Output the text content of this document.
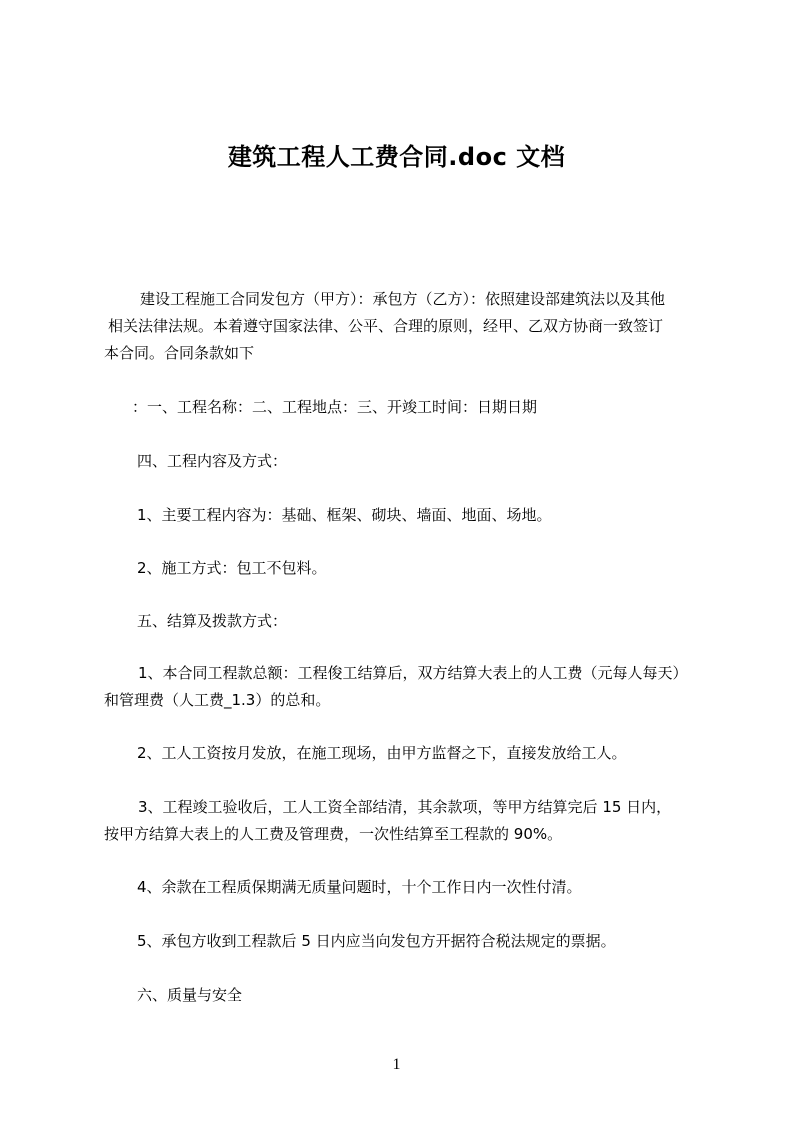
建筑工程人工费合同.doc 文档
建设工程施工合同发包方（甲方）：承包方（乙方）：依照建设部建筑法以及其他
相关法律法规。本着遵守国家法律、公平、合理的原则，经甲、乙双方协商一致签订
本合同。合同条款如下
：一、工程名称：二、工程地点：三、开竣工时间：日期日期
四、工程内容及方式：
1、主要工程内容为：基础、框架、砌块、墙面、地面、场地。
2、施工方式：包工不包料。
五、结算及拨款方式：
1、本合同工程款总额：工程俊工结算后，双方结算大表上的人工费（元每人每天）
和管理费（人工费_1.3）的总和。
2、工人工资按月发放，在施工现场，由甲方监督之下，直接发放给工人。
3、工程竣工验收后，工人工资全部结清，其余款项，等甲方结算完后 15 日内，
按甲方结算大表上的人工费及管理费，一次性结算至工程款的 90%。
4、余款在工程质保期满无质量问题时，十个工作日内一次性付清。
5、承包方收到工程款后 5 日内应当向发包方开据符合税法规定的票据。
六、质量与安全
1
